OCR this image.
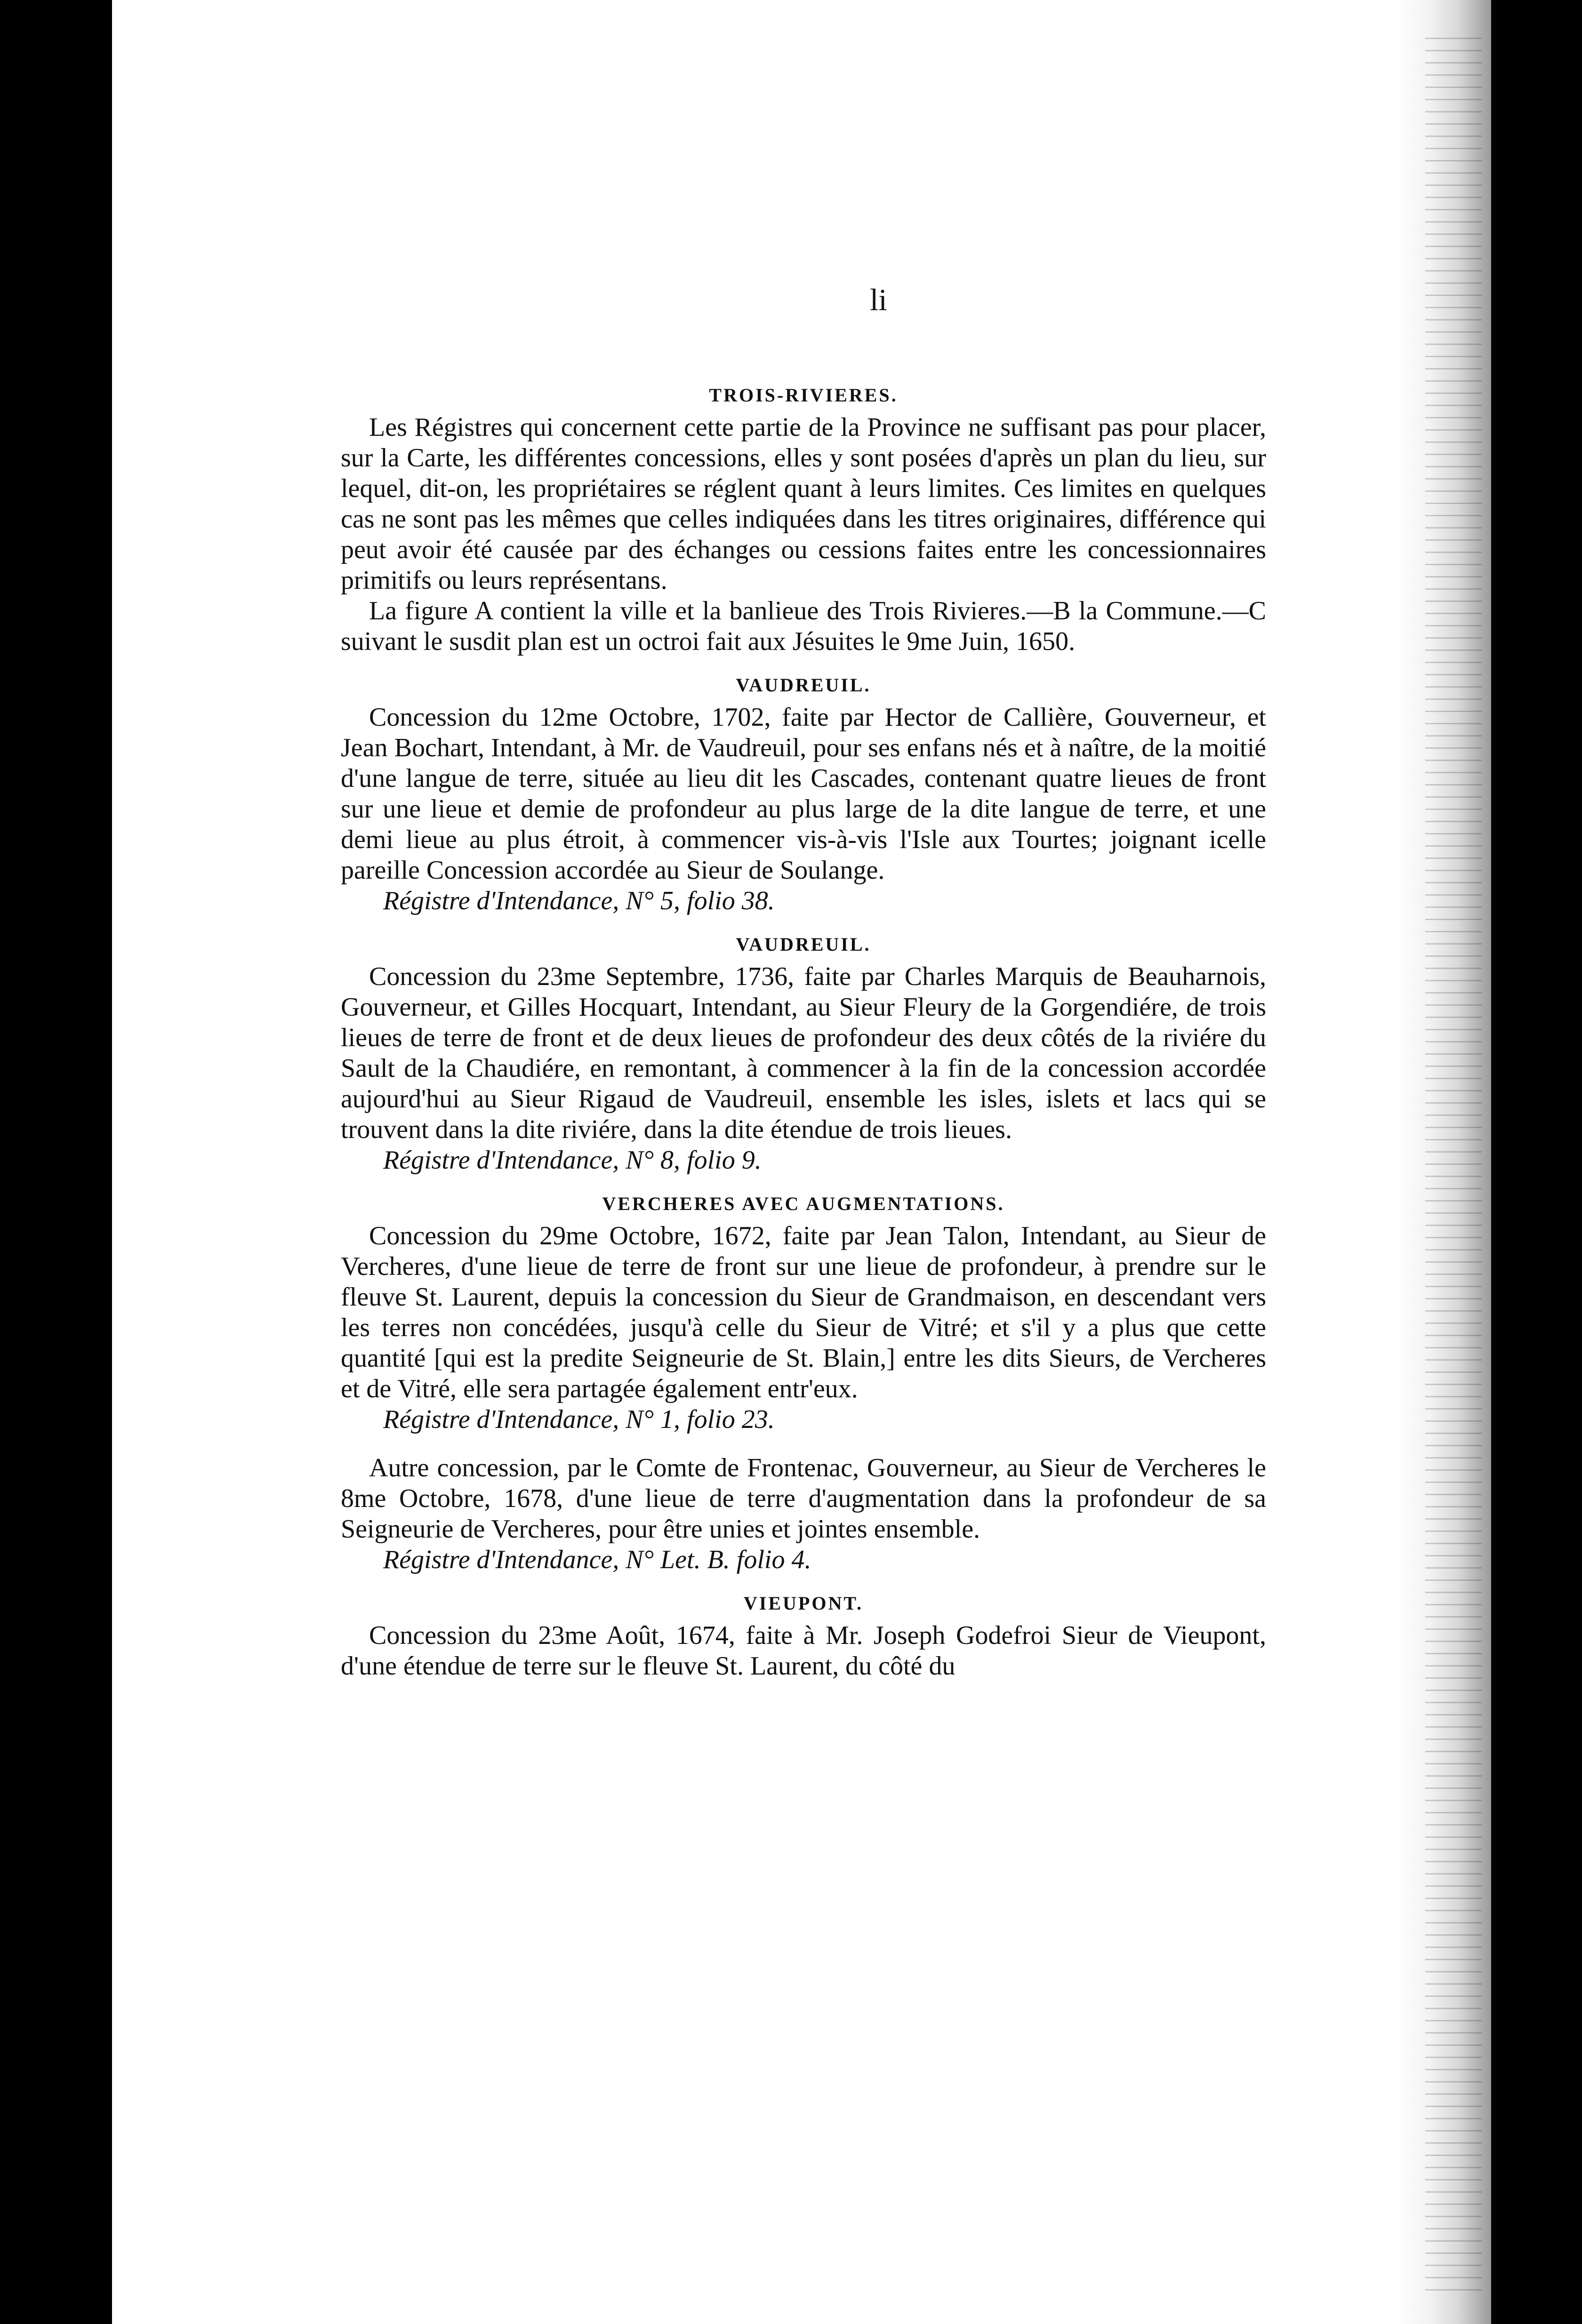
li
TROIS-RIVIERES.

Les Régistres qui concernent cette partie de la Province ne suffisant pas pour placer, sur la Carte, les différentes concessions, elles y sont posées d'après un plan du lieu, sur lequel, dit-on, les propriétaires se réglent quant à leurs limites. Ces limites en quelques cas ne sont pas les mêmes que celles indiquées dans les titres originaires, différence qui peut avoir été causée par des échanges ou cessions faites entre les concessionnaires primitifs ou leurs représentans.

La figure A contient la ville et la banlieue des Trois Rivieres.—B la Commune.—C suivant le susdit plan est un octroi fait aux Jésuites le 9me Juin, 1650.

VAUDREUIL.

Concession du 12me Octobre, 1702, faite par Hector de Callière, Gouverneur, et Jean Bochart, Intendant, à Mr. de Vaudreuil, pour ses enfans nés et à naître, de la moitié d'une langue de terre, située au lieu dit les Cascades, contenant quatre lieues de front sur une lieue et demie de profondeur au plus large de la dite langue de terre, et une demi lieue au plus étroit, à commencer vis-à-vis l'Isle aux Tourtes; joignant icelle pareille Concession accordée au Sieur de Soulange.

Régistre d'Intendance, N° 5, folio 38.

VAUDREUIL.

Concession du 23me Septembre, 1736, faite par Charles Marquis de Beauharnois, Gouverneur, et Gilles Hocquart, Intendant, au Sieur Fleury de la Gorgendiére, de trois lieues de terre de front et de deux lieues de profondeur des deux côtés de la riviére du Sault de la Chaudiére, en remontant, à commencer à la fin de la concession accordée aujourd'hui au Sieur Rigaud de Vaudreuil, ensemble les isles, islets et lacs qui se trouvent dans la dite riviére, dans la dite étendue de trois lieues.

Régistre d'Intendance, N° 8, folio 9.

VERCHERES AVEC AUGMENTATIONS.

Concession du 29me Octobre, 1672, faite par Jean Talon, Intendant, au Sieur de Vercheres, d'une lieue de terre de front sur une lieue de profondeur, à prendre sur le fleuve St. Laurent, depuis la concession du Sieur de Grandmaison, en descendant vers les terres non concédées, jusqu'à celle du Sieur de Vitré; et s'il y a plus que cette quantité [qui est la predite Seigneurie de St. Blain,] entre les dits Sieurs, de Vercheres et de Vitré, elle sera partagée également entr'eux.

Régistre d'Intendance, N° 1, folio 23.

Autre concession, par le Comte de Frontenac, Gouverneur, au Sieur de Vercheres le 8me Octobre, 1678, d'une lieue de terre d'augmentation dans la profondeur de sa Seigneurie de Vercheres, pour être unies et jointes ensemble.

Régistre d'Intendance, N° Let. B. folio 4.

VIEUPONT.

Concession du 23me Août, 1674, faite à Mr. Joseph Godefroi Sieur de Vieupont, d'une étendue de terre sur le fleuve St. Laurent, du côté du
